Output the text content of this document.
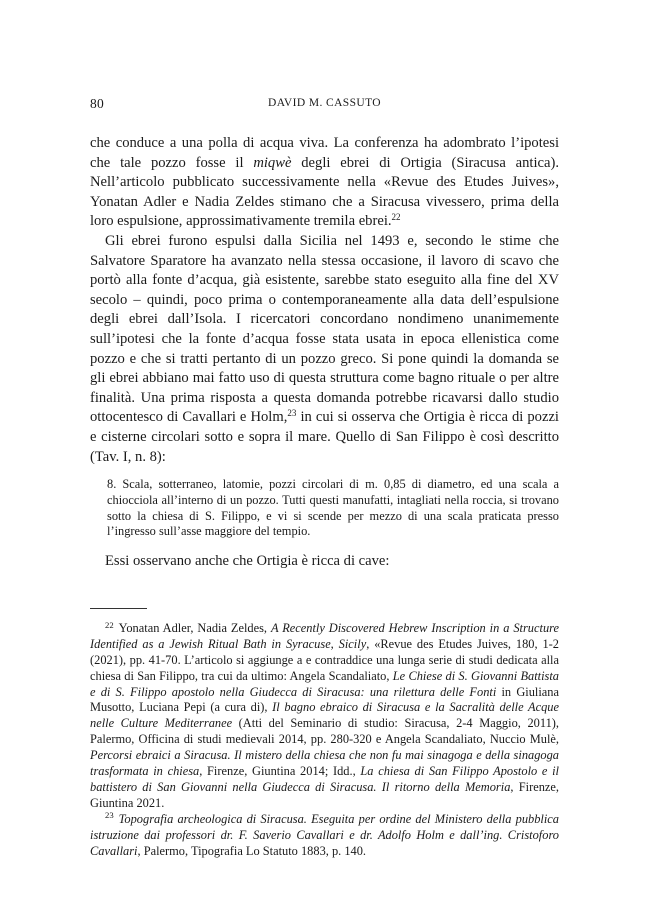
80	DAVID M. CASSUTO

che conduce a una polla di acqua viva. La conferenza ha adombrato l’ipotesi che tale pozzo fosse il miqwè degli ebrei di Ortigia (Siracusa antica). Nell’articolo pubblicato successivamente nella «Revue des Etudes Juives», Yonatan Adler e Nadia Zeldes stimano che a Siracusa vivessero, prima della loro espulsione, approssimativamente tremila ebrei.$^{22}$

Gli ebrei furono espulsi dalla Sicilia nel 1493 e, secondo le stime che Salvatore Sparatore ha avanzato nella stessa occasione, il lavoro di scavo che portò alla fonte d’acqua, già esistente, sarebbe stato eseguito alla fine del XV secolo – quindi, poco prima o contemporaneamente alla data dell’espulsione degli ebrei dall’Isola. I ricercatori concordano nondimeno unanimemente sull’ipotesi che la fonte d’acqua fosse stata usata in epoca ellenistica come pozzo e che si tratti pertanto di un pozzo greco. Si pone quindi la domanda se gli ebrei abbiano mai fatto uso di questa struttura come bagno rituale o per altre finalità. Una prima risposta a questa domanda potrebbe ricavarsi dallo studio ottocentesco di Cavallari e Holm,$^{23}$ in cui si osserva che Ortigia è ricca di pozzi e cisterne circolari sotto e sopra il mare. Quello di San Filippo è così descritto (Tav. I, n. 8):

8. Scala, sotterraneo, latomie, pozzi circolari di m. 0,85 di diametro, ed una scala a chiocciola all’interno di un pozzo. Tutti questi manufatti, intagliati nella roccia, si trovano sotto la chiesa di S. Filippo, e vi si scende per mezzo di una scala praticata presso l’ingresso sull’asse maggiore del tempio.

Essi osservano anche che Ortigia è ricca di cave:

$^{22}$ Yonatan Adler, Nadia Zeldes, A Recently Discovered Hebrew Inscription in a Structure Identified as a Jewish Ritual Bath in Syracuse, Sicily, «Revue des Etudes Juives, 180, 1-2 (2021), pp. 41-70. L’articolo si aggiunge a e contraddice una lunga serie di studi dedicata alla chiesa di San Filippo, tra cui da ultimo: Angela Scandaliato, Le Chiese di S. Giovanni Battista e di S. Filippo apostolo nella Giudecca di Siracusa: una rilettura delle Fonti in Giuliana Musotto, Luciana Pepi (a cura di), Il bagno ebraico di Siracusa e la Sacralità delle Acque nelle Culture Mediterranee (Atti del Seminario di studio: Siracusa, 2-4 Maggio, 2011), Palermo, Officina di studi medievali 2014, pp. 280-320 e Angela Scandaliato, Nuccio Mulè, Percorsi ebraici a Siracusa. Il mistero della chiesa che non fu mai sinagoga e della sinagoga trasformata in chiesa, Firenze, Giuntina 2014; Idd., La chiesa di San Filippo Apostolo e il battistero di San Giovanni nella Giudecca di Siracusa. Il ritorno della Memoria, Firenze, Giuntina 2021.

$^{23}$ Topografia archeologica di Siracusa. Eseguita per ordine del Ministero della pubblica istruzione dai professori dr. F. Saverio Cavallari e dr. Adolfo Holm e dall’ing. Cristoforo Cavallari, Palermo, Tipografia Lo Statuto 1883, p. 140.
